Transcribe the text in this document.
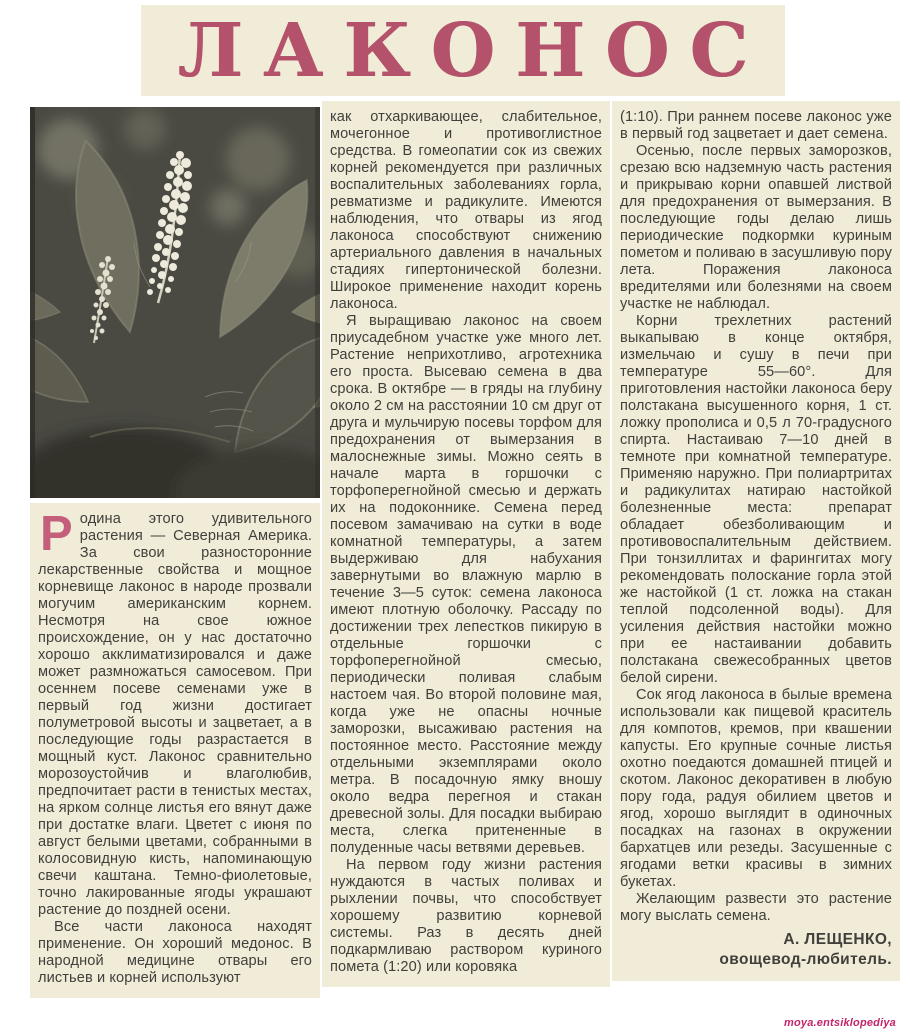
ЛАКОНОС

Родина этого удивительного растения — Северная Америка. За свои разносторонние лекарственные свойства и мощное корневище лаконос в народе прозвали могучим американским корнем. Несмотря на свое южное происхождение, он у нас достаточно хорошо акклиматизировался и даже может размножаться самосевом. При осеннем посеве семенами уже в первый год жизни достигает полуметровой высоты и зацветает, а в последующие годы разрастается в мощный куст. Лаконос сравнительно морозоустойчив и влаголюбив, предпочитает расти в тенистых местах, на ярком солнце листья его вянут даже при достатке влаги. Цветет с июня по август белыми цветами, собранными в колосовидную кисть, напоминающую свечи каштана. Темно-фиолетовые, точно лакированные ягоды украшают растение до поздней осени.

Все части лаконоса находят применение. Он хороший медонос. В народной медицине отвары его листьев и корней используют

как отхаркивающее, слабительное, мочегонное и противоглистное средства. В гомеопатии сок из свежих корней рекомендуется при различных воспалительных заболеваниях горла, ревматизме и радикулите. Имеются наблюдения, что отвары из ягод лаконоса способствуют снижению артериального давления в начальных стадиях гипертонической болезни. Широкое применение находит корень лаконоса.

Я выращиваю лаконос на своем приусадебном участке уже много лет. Растение неприхотливо, агротехника его проста. Высеваю семена в два срока. В октябре — в гряды на глубину около 2 см на расстоянии 10 см друг от друга и мульчирую посевы торфом для предохранения от вымерзания в малоснежные зимы. Можно сеять в начале марта в горшочки с торфоперегнойной смесью и держать их на подоконнике. Семена перед посевом замачиваю на сутки в воде комнатной температуры, а затем выдерживаю для набухания завернутыми во влажную марлю в течение 3—5 суток: семена лаконоса имеют плотную оболочку. Рассаду по достижении трех лепестков пикирую в отдельные горшочки с торфоперегнойной смесью, периодически поливая слабым настоем чая. Во второй половине мая, когда уже не опасны ночные заморозки, высаживаю растения на постоянное место. Расстояние между отдельными экземплярами около метра. В посадочную ямку вношу около ведра перегноя и стакан древесной золы. Для посадки выбираю места, слегка притененные в полуденные часы ветвями деревьев.

На первом году жизни растения нуждаются в частых поливах и рыхлении почвы, что способствует хорошему развитию корневой системы. Раз в десять дней подкармливаю раствором куриного помета (1:20) или коровяка

(1:10). При раннем посеве лаконос уже в первый год зацветает и дает семена.

Осенью, после первых заморозков, срезаю всю надземную часть растения и прикрываю корни опавшей листвой для предохранения от вымерзания. В последующие годы делаю лишь периодические подкормки куриным пометом и поливаю в засушливую пору лета. Поражения лаконоса вредителями или болезнями на своем участке не наблюдал.

Корни трехлетних растений выкапываю в конце октября, измельчаю и сушу в печи при температуре 55—60°. Для приготовления настойки лаконоса беру полстакана высушенного корня, 1 ст. ложку прополиса и 0,5 л 70-градусного спирта. Настаиваю 7—10 дней в темноте при комнатной температуре. Применяю наружно. При полиартритах и радикулитах натираю настойкой болезненные места: препарат обладает обезболивающим и противовоспалительным действием. При тонзиллитах и фарингитах могу рекомендовать полоскание горла этой же настойкой (1 ст. ложка на стакан теплой подсоленной воды). Для усиления действия настойки можно при ее настаивании добавить полстакана свежесобранных цветов белой сирени.

Сок ягод лаконоса в былые времена использовали как пищевой краситель для компотов, кремов, при квашении капусты. Его крупные сочные листья охотно поедаются домашней птицей и скотом. Лаконос декоративен в любую пору года, радуя обилием цветов и ягод, хорошо выглядит в одиночных посадках на газонах в окружении бархатцев или резеды. Засушенные с ягодами ветки красивы в зимних букетах.

Желающим развести это растение могу выслать семена.

А. ЛЕЩЕНКО,
овощевод-любитель.
moya.entsiklopediya
